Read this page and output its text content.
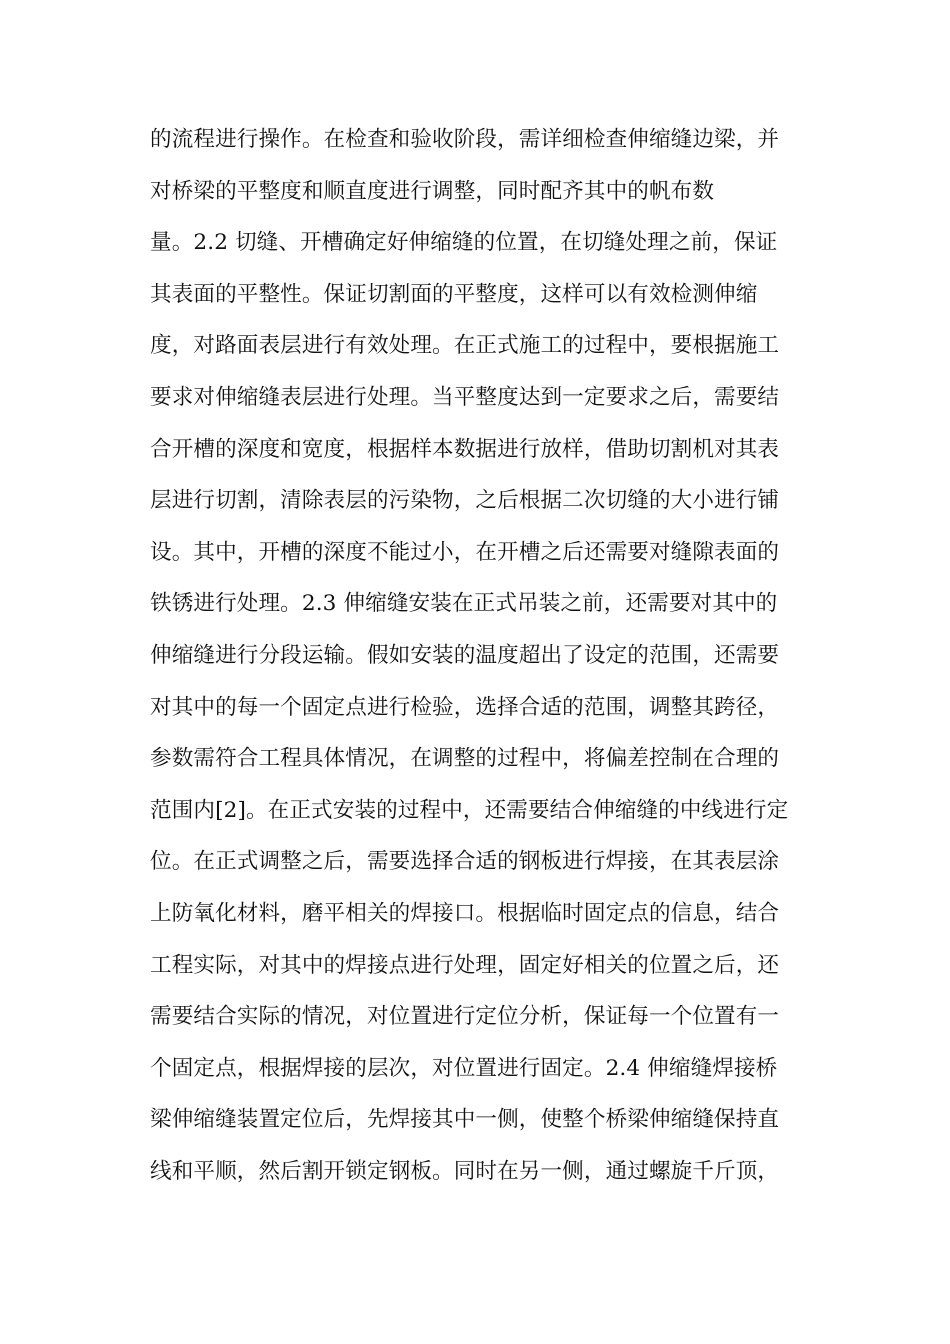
的流程进行操作。在检查和验收阶段，需详细检查伸缩缝边梁，并
对桥梁的平整度和顺直度进行调整，同时配齐其中的帆布数
量。2.2 切缝、开槽确定好伸缩缝的位置，在切缝处理之前，保证
其表面的平整性。保证切割面的平整度，这样可以有效检测伸缩
度，对路面表层进行有效处理。在正式施工的过程中，要根据施工
要求对伸缩缝表层进行处理。当平整度达到一定要求之后，需要结
合开槽的深度和宽度，根据样本数据进行放样，借助切割机对其表
层进行切割，清除表层的污染物，之后根据二次切缝的大小进行铺
设。其中，开槽的深度不能过小，在开槽之后还需要对缝隙表面的
铁锈进行处理。2.3 伸缩缝安装在正式吊装之前，还需要对其中的
伸缩缝进行分段运输。假如安装的温度超出了设定的范围，还需要
对其中的每一个固定点进行检验，选择合适的范围，调整其跨径，
参数需符合工程具体情况，在调整的过程中，将偏差控制在合理的
范围内[2]。在正式安装的过程中，还需要结合伸缩缝的中线进行定
位。在正式调整之后，需要选择合适的钢板进行焊接，在其表层涂
上防氧化材料，磨平相关的焊接口。根据临时固定点的信息，结合
工程实际，对其中的焊接点进行处理，固定好相关的位置之后，还
需要结合实际的情况，对位置进行定位分析，保证每一个位置有一
个固定点，根据焊接的层次，对位置进行固定。2.4 伸缩缝焊接桥
梁伸缩缝装置定位后，先焊接其中一侧，使整个桥梁伸缩缝保持直
线和平顺，然后割开锁定钢板。同时在另一侧，通过螺旋千斤顶，
